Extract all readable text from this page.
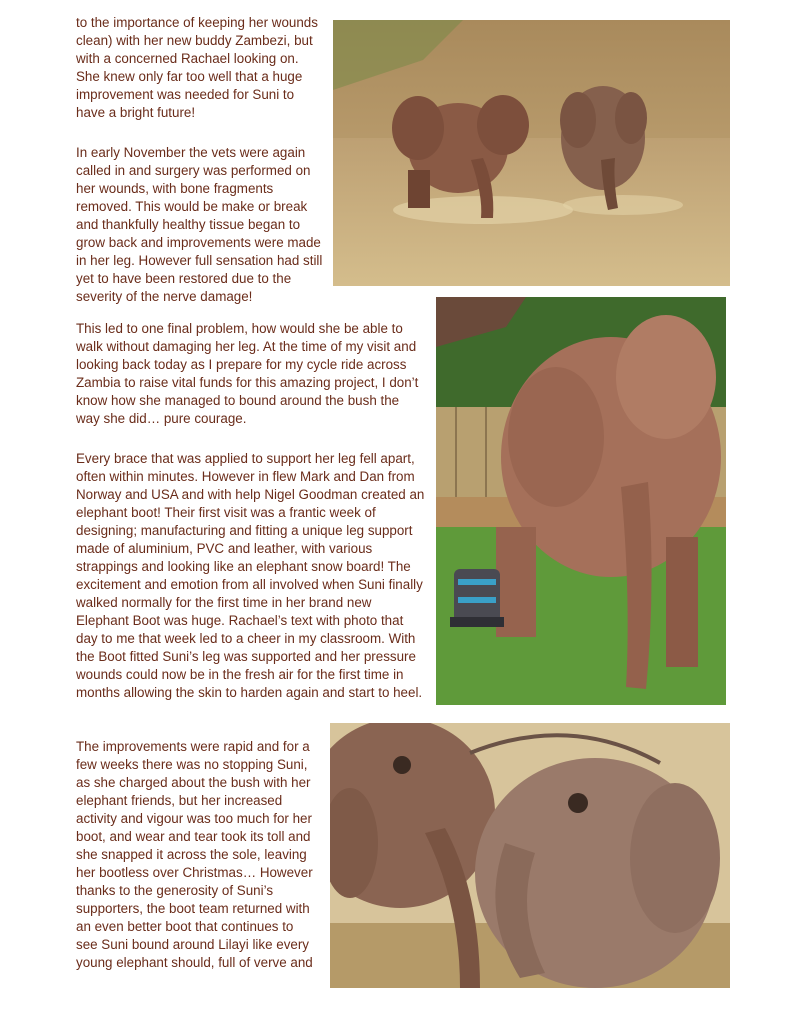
to the importance of keeping her wounds clean) with her new buddy Zambezi, but with a concerned Rachael looking on. She knew only far too well that a huge improvement was needed for Suni to have a bright future!

In early November the vets were again called in and surgery was performed on her wounds, with bone fragments removed. This would be make or break and thankfully healthy tissue began to grow back and improvements were made in her leg. However full sensation had still yet to have been restored due to the severity of the nerve damage!

This led to one final problem, how would she be able to walk without damaging her leg. At the time of my visit and looking back today as I prepare for my cycle ride across Zambia to raise vital funds for this amazing project, I don’t know how she managed to bound around the bush the way she did… pure courage.

Every brace that was applied to support her leg fell apart, often within minutes. However in flew Mark and Dan from Norway and USA and with help Nigel Goodman created an elephant boot! Their first visit was a frantic week of designing; manufacturing and fitting a unique leg support made of aluminium, PVC and leather, with various strappings and looking like an elephant snow board! The excitement and emotion from all involved when Suni finally walked normally for the first time in her brand new Elephant Boot was huge. Rachael’s text with photo that day to me that week led to a cheer in my classroom. With the Boot fitted Suni’s leg was supported and her pressure wounds could now be in the fresh air for the first time in months allowing the skin to harden again and start to heel.

The improvements were rapid and for a few weeks there was no stopping Suni, as she charged about the bush with her elephant friends, but her increased activity and vigour was too much for her boot, and wear and tear took its toll and she snapped it across the sole, leaving her bootless over Christmas… However thanks to the generosity of Suni’s supporters, the boot team returned with an even better boot that continues to see Suni bound around Lilayi like every young elephant should, full of verve and
